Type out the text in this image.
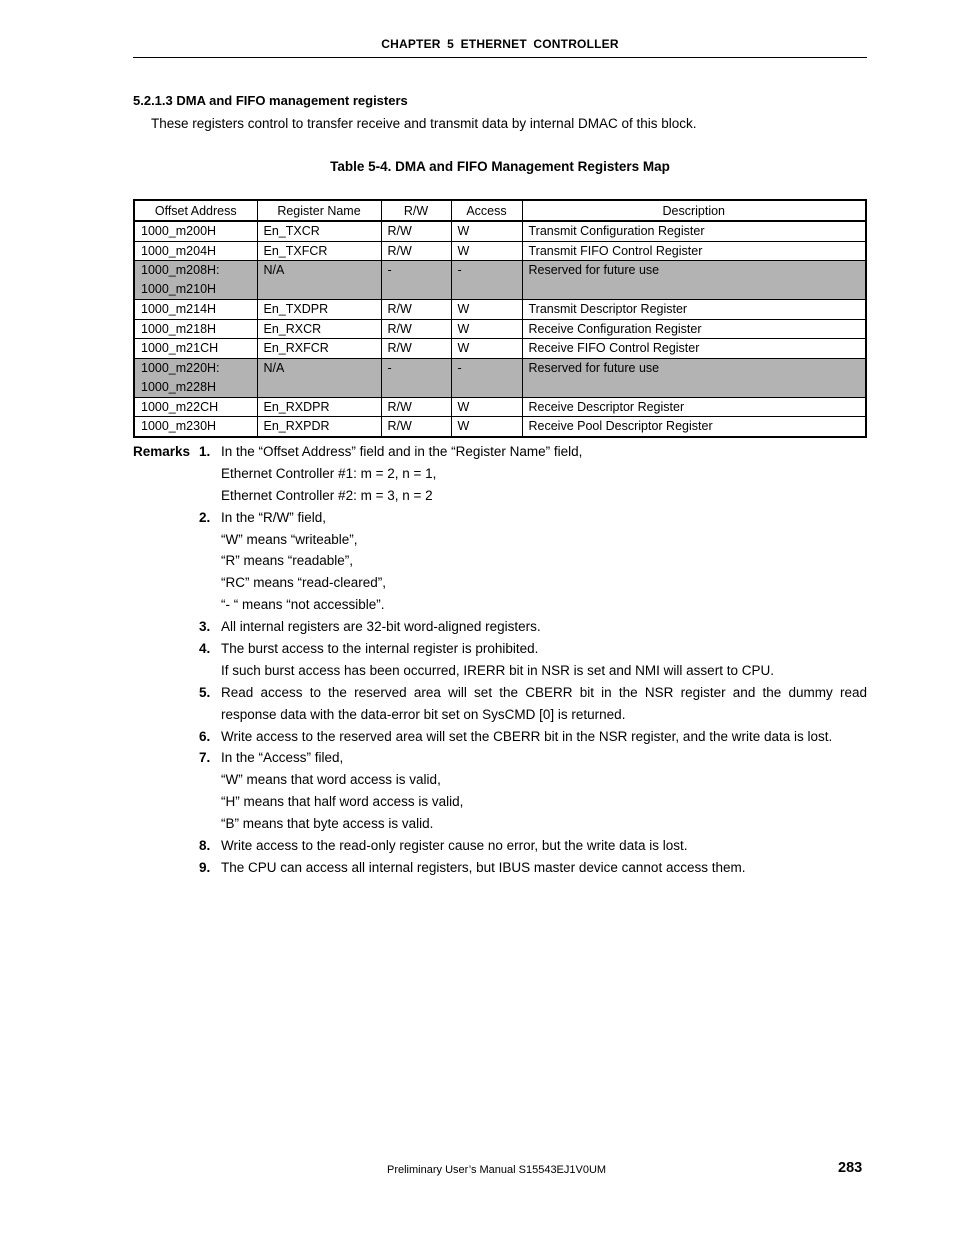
CHAPTER 5 ETHERNET CONTROLLER
5.2.1.3 DMA and FIFO management registers
These registers control to transfer receive and transmit data by internal DMAC of this block.
Table 5-4. DMA and FIFO Management Registers Map
Offset Address	Register Name	R/W	Access	Description
1000_m200H	En_TXCR	R/W	W	Transmit Configuration Register
1000_m204H	En_TXFCR	R/W	W	Transmit FIFO Control Register

1000_m208H:
1000_m210H	N/A	-	-	Reserved for future use
1000_m214H	En_TXDPR	R/W	W	Transmit Descriptor Register
1000_m218H	En_RXCR	R/W	W	Receive Configuration Register
1000_m21CH	En_RXFCR	R/W	W	Receive FIFO Control Register

1000_m220H:
1000_m228H	N/A	-	-	Reserved for future use
1000_m22CH	En_RXDPR	R/W	W	Receive Descriptor Register
1000_m230H	En_RXPDR	R/W	W	Receive Pool Descriptor Register
Remarks 1. In the “Offset Address” field and in the “Register Name” field,
Ethernet Controller #1: m = 2, n = 1,
Ethernet Controller #2: m = 3, n = 2
2. In the “R/W” field,
“W” means “writeable”,
“R” means “readable”,
“RC” means “read-cleared”,
“- “ means “not accessible”.
3. All internal registers are 32-bit word-aligned registers.
4. The burst access to the internal register is prohibited.
If such burst access has been occurred, IRERR bit in NSR is set and NMI will assert to CPU.
5. Read access to the reserved area will set the CBERR bit in the NSR register and the dummy read
response data with the data-error bit set on SysCMD [0] is returned.
6. Write access to the reserved area will set the CBERR bit in the NSR register, and the write data is lost.
7. In the “Access” filed,
“W” means that word access is valid,
“H” means that half word access is valid,
“B” means that byte access is valid.
8. Write access to the read-only register cause no error, but the write data is lost.
9. The CPU can access all internal registers, but IBUS master device cannot access them.
Preliminary User’s Manual S15543EJ1V0UM	283
